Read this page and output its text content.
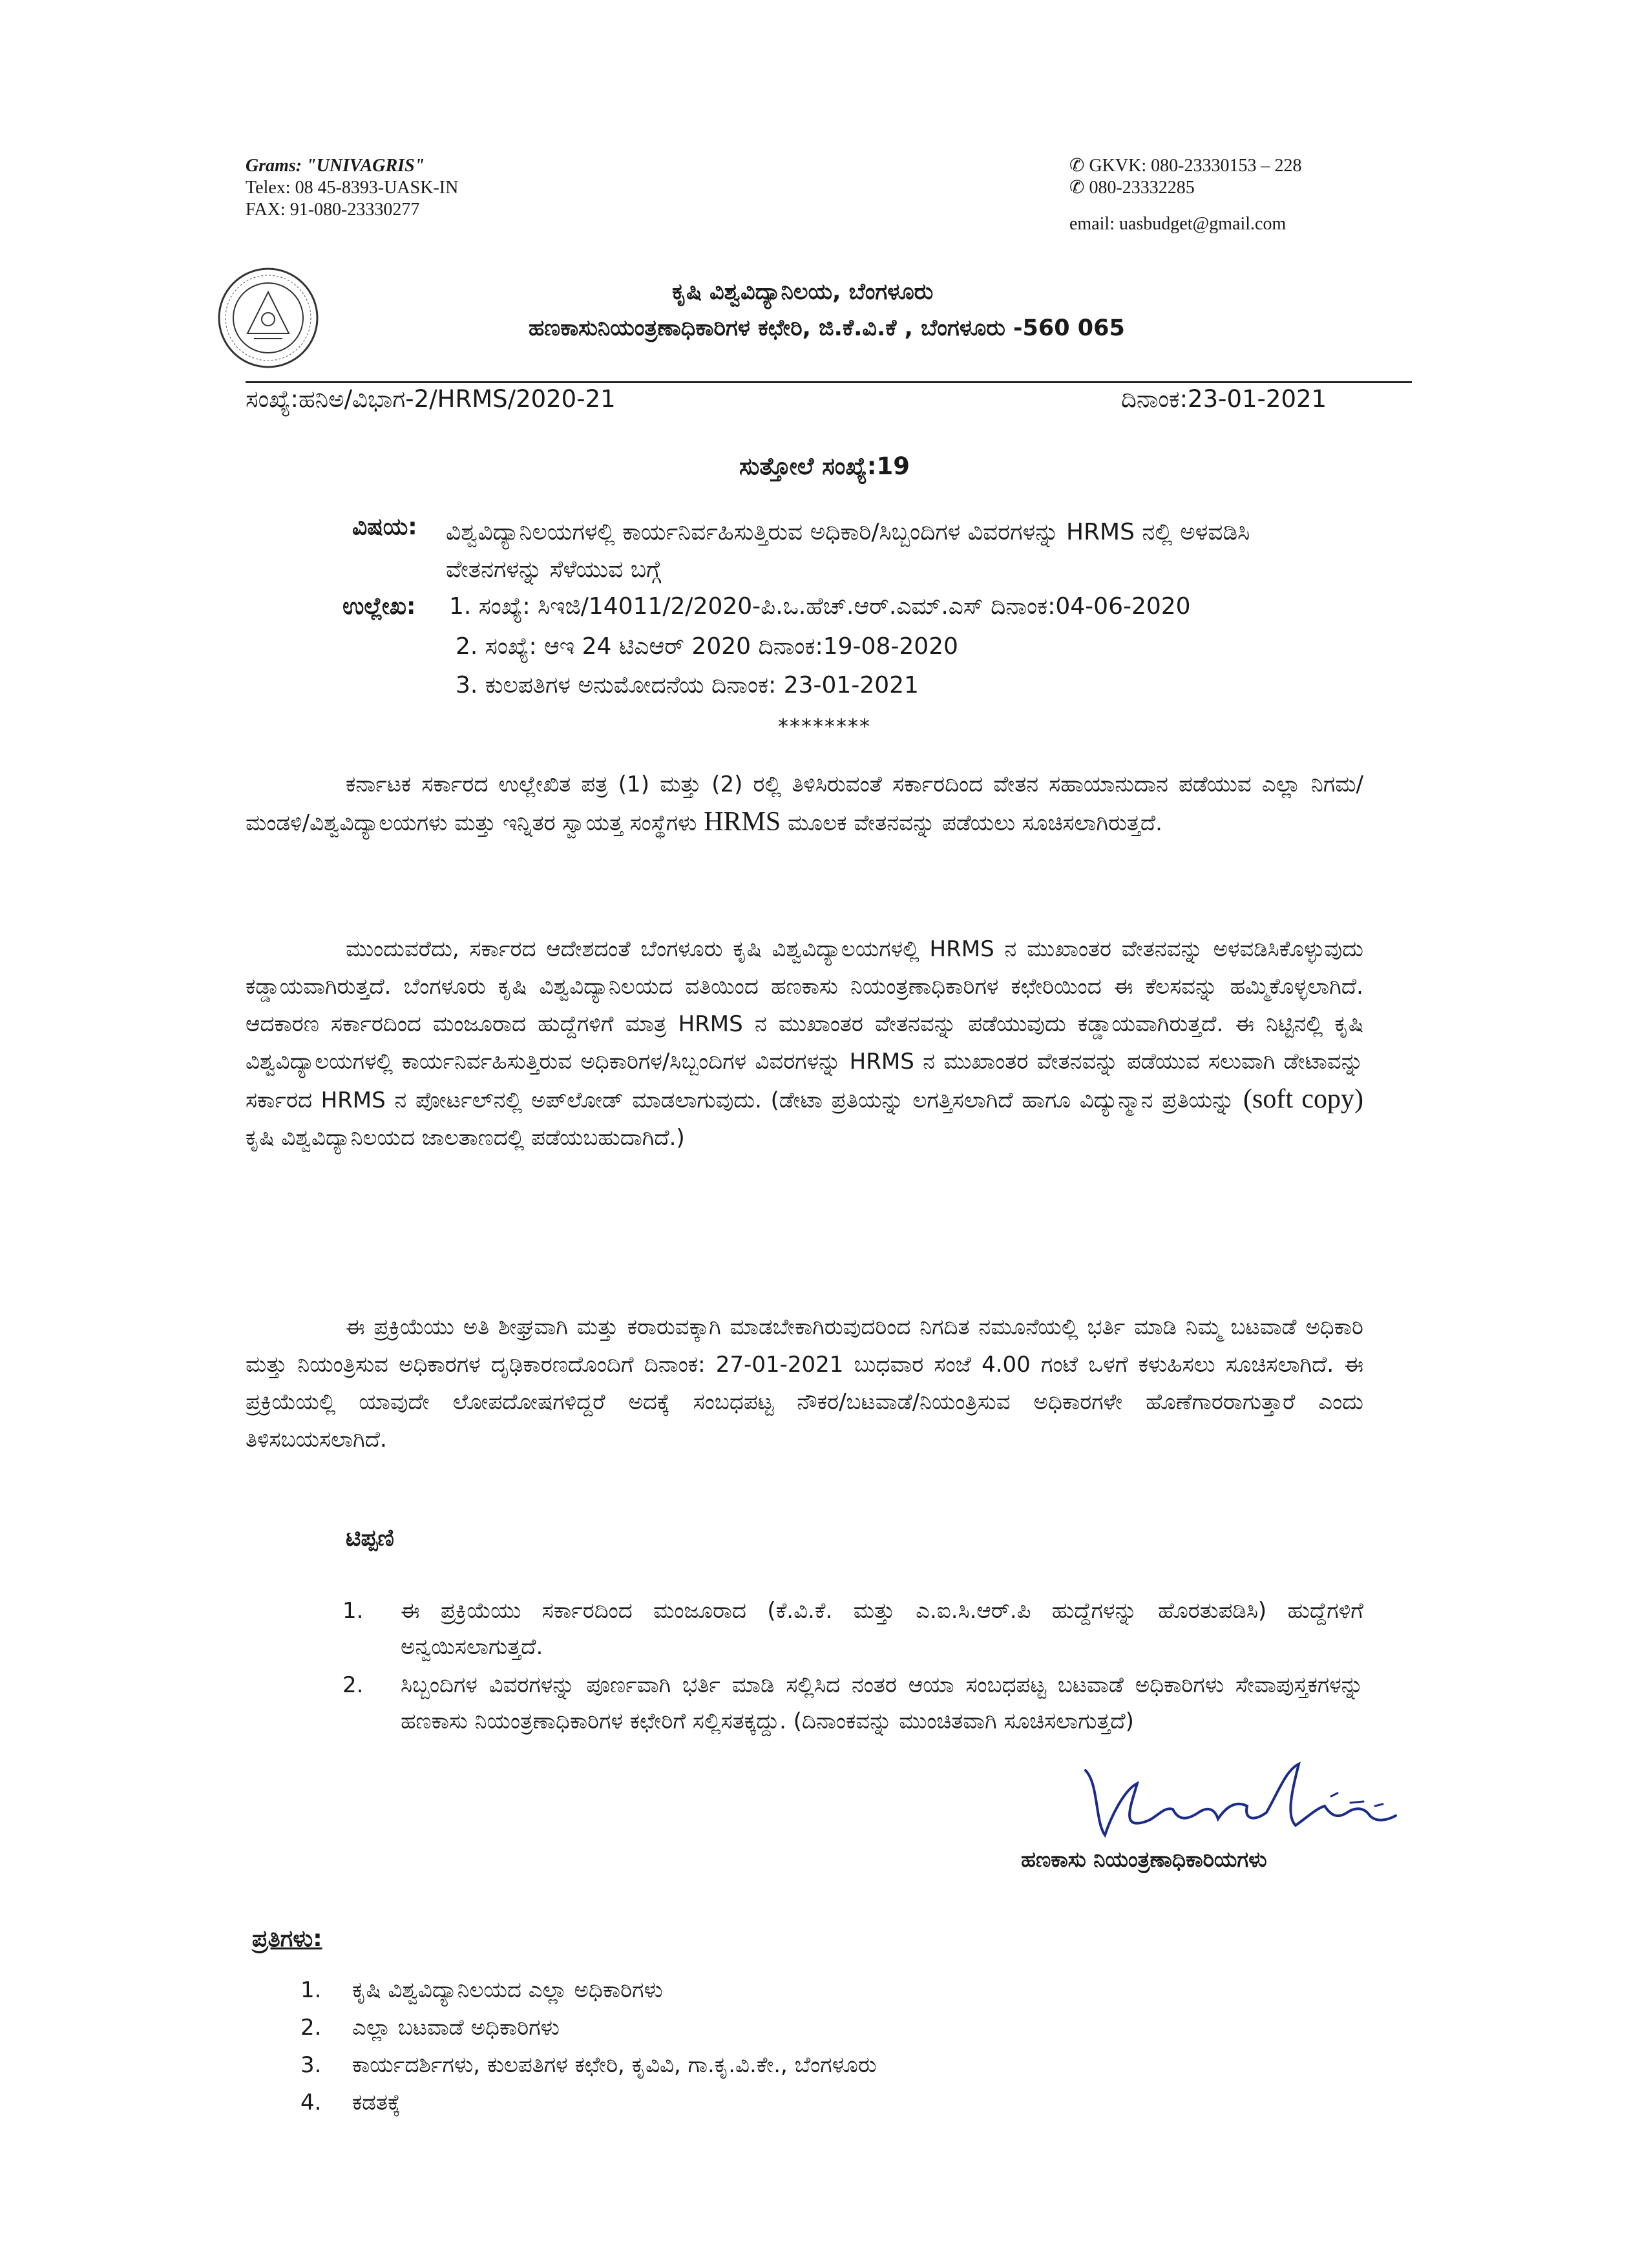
Grams: "UNIVAGRIS"
Telex: 08 45-8393-UASK-IN
FAX: 91-080-23330277
✆ GKVK: 080-23330153 – 228
✆ 080-23332285
email: uasbudget@gmail.com
ಕೃಷಿ ವಿಶ್ವವಿದ್ಯಾನಿಲಯ, ಬೆಂಗಳೂರು
ಹಣಕಾಸುನಿಯಂತ್ರಣಾಧಿಕಾರಿಗಳ ಕಛೇರಿ, ಜಿ.ಕೆ.ವಿ.ಕೆ , ಬೆಂಗಳೂರು -560 065
ಸಂಖ್ಯೆ:ಹನಿಅ/ವಿಭಾಗ-2/HRMS/2020-21	ದಿನಾಂಕ:23-01-2021
ಸುತ್ತೋಲೆ ಸಂಖ್ಯೆ:19
ವಿಷಯ: ವಿಶ್ವವಿದ್ಯಾನಿಲಯಗಳಲ್ಲಿ ಕಾರ್ಯನಿರ್ವಹಿಸುತ್ತಿರುವ ಅಧಿಕಾರಿ/ಸಿಬ್ಬಂದಿಗಳ ವಿವರಗಳನ್ನು HRMS ನಲ್ಲಿ ಅಳವಡಿಸಿ ವೇತನಗಳನ್ನು ಸೆಳೆಯುವ ಬಗ್ಗೆ
ಉಲ್ಲೇಖ: 1. ಸಂಖ್ಯೆ: ಸಿಇಜಿ/14011/2/2020-ಪಿ.ಒ.ಹೆಚ್.ಆರ್.ಎಮ್.ಎಸ್ ದಿನಾಂಕ:04-06-2020
2. ಸಂಖ್ಯೆ: ಆಇ 24 ಟಿಎಆರ್ 2020 ದಿನಾಂಕ:19-08-2020
3. ಕುಲಪತಿಗಳ ಅನುಮೋದನೆಯ ದಿನಾಂಕ: 23-01-2021
********
ಕರ್ನಾಟಕ ಸರ್ಕಾರದ ಉಲ್ಲೇಖಿತ ಪತ್ರ (1) ಮತ್ತು (2) ರಲ್ಲಿ ತಿಳಿಸಿರುವಂತೆ ಸರ್ಕಾರದಿಂದ ವೇತನ ಸಹಾಯಾನುದಾನ ಪಡೆಯುವ ಎಲ್ಲಾ ನಿಗಮ/ಮಂಡಳಿ/ವಿಶ್ವವಿದ್ಯಾಲಯಗಳು ಮತ್ತು ಇನ್ನಿತರ ಸ್ವಾಯತ್ತ ಸಂಸ್ಥೆಗಳು HRMS ಮೂಲಕ ವೇತನವನ್ನು ಪಡೆಯಲು ಸೂಚಿಸಲಾಗಿರುತ್ತದೆ.
ಮುಂದುವರೆದು, ಸರ್ಕಾರದ ಆದೇಶದಂತೆ ಬೆಂಗಳೂರು ಕೃಷಿ ವಿಶ್ವವಿದ್ಯಾಲಯಗಳಲ್ಲಿ HRMS ನ ಮುಖಾಂತರ ವೇತನವನ್ನು ಅಳವಡಿಸಿಕೊಳ್ಳುವುದು ಕಡ್ಡಾಯವಾಗಿರುತ್ತದೆ. ಬೆಂಗಳೂರು ಕೃಷಿ ವಿಶ್ವವಿದ್ಯಾನಿಲಯದ ವತಿಯಿಂದ ಹಣಕಾಸು ನಿಯಂತ್ರಣಾಧಿಕಾರಿಗಳ ಕಛೇರಿಯಿಂದ ಈ ಕೆಲಸವನ್ನು ಹಮ್ಮಿಕೊಳ್ಳಲಾಗಿದೆ. ಆದಕಾರಣ ಸರ್ಕಾರದಿಂದ ಮಂಜೂರಾದ ಹುದ್ದೆಗಳಿಗೆ ಮಾತ್ರ HRMS ನ ಮುಖಾಂತರ ವೇತನವನ್ನು ಪಡೆಯುವುದು ಕಡ್ಡಾಯವಾಗಿರುತ್ತದೆ. ಈ ನಿಟ್ಟಿನಲ್ಲಿ ಕೃಷಿ ವಿಶ್ವವಿದ್ಯಾಲಯಗಳಲ್ಲಿ ಕಾರ್ಯನಿರ್ವಹಿಸುತ್ತಿರುವ ಅಧಿಕಾರಿಗಳ/ಸಿಬ್ಬಂದಿಗಳ ವಿವರಗಳನ್ನು HRMS ನ ಮುಖಾಂತರ ವೇತನವನ್ನು ಪಡೆಯುವ ಸಲುವಾಗಿ ಡೇಟಾವನ್ನು ಸರ್ಕಾರದ HRMS ನ ಪೋರ್ಟಲ್‌ನಲ್ಲಿ ಅಪ್‌ಲೋಡ್ ಮಾಡಲಾಗುವುದು. (ಡೇಟಾ ಪ್ರತಿಯನ್ನು ಲಗತ್ತಿಸಲಾಗಿದೆ ಹಾಗೂ ವಿದ್ಯುನ್ಮಾನ ಪ್ರತಿಯನ್ನು (soft copy) ಕೃಷಿ ವಿಶ್ವವಿದ್ಯಾನಿಲಯದ ಜಾಲತಾಣದಲ್ಲಿ ಪಡೆಯಬಹುದಾಗಿದೆ.)
ಈ ಪ್ರಕ್ರಿಯೆಯು ಅತಿ ಶೀಘ್ರವಾಗಿ ಮತ್ತು ಕರಾರುವಕ್ಕಾಗಿ ಮಾಡಬೇಕಾಗಿರುವುದರಿಂದ ನಿಗದಿತ ನಮೂನೆಯಲ್ಲಿ ಭರ್ತಿ ಮಾಡಿ ನಿಮ್ಮ ಬಟವಾಡೆ ಅಧಿಕಾರಿ ಮತ್ತು ನಿಯಂತ್ರಿಸುವ ಅಧಿಕಾರಗಳ ದೃಢಿಕಾರಣದೊಂದಿಗೆ ದಿನಾಂಕ: 27-01-2021 ಬುಧವಾರ ಸಂಜೆ 4.00 ಗಂಟೆ ಒಳಗೆ ಕಳುಹಿಸಲು ಸೂಚಿಸಲಾಗಿದೆ. ಈ ಪ್ರಕ್ರಿಯೆಯಲ್ಲಿ ಯಾವುದೇ ಲೋಪದೋಷಗಳಿದ್ದರೆ ಅದಕ್ಕೆ ಸಂಬಧಪಟ್ಟ ನೌಕರ/ಬಟವಾಡೆ/ನಿಯಂತ್ರಿಸುವ ಅಧಿಕಾರಗಳೇ ಹೊಣೆಗಾರರಾಗುತ್ತಾರೆ ಎಂದು ತಿಳಿಸಬಯಸಲಾಗಿದೆ.
ಟಿಪ್ಪಣಿ
1. ಈ ಪ್ರಕ್ರಿಯೆಯು ಸರ್ಕಾರದಿಂದ ಮಂಜೂರಾದ (ಕೆ.ವಿ.ಕೆ. ಮತ್ತು ಎ.ಐ.ಸಿ.ಆರ್.ಪಿ ಹುದ್ದೆಗಳನ್ನು ಹೊರತುಪಡಿಸಿ) ಹುದ್ದೆಗಳಿಗೆ ಅನ್ವಯಿಸಲಾಗುತ್ತದೆ.
2. ಸಿಬ್ಬಂದಿಗಳ ವಿವರಗಳನ್ನು ಪೂರ್ಣವಾಗಿ ಭರ್ತಿ ಮಾಡಿ ಸಲ್ಲಿಸಿದ ನಂತರ ಆಯಾ ಸಂಬಧಪಟ್ಟ ಬಟವಾಡೆ ಅಧಿಕಾರಿಗಳು ಸೇವಾಪುಸ್ತಕಗಳನ್ನು ಹಣಕಾಸು ನಿಯಂತ್ರಣಾಧಿಕಾರಿಗಳ ಕಛೇರಿಗೆ ಸಲ್ಲಿಸತಕ್ಕದ್ದು. (ದಿನಾಂಕವನ್ನು ಮುಂಚಿತವಾಗಿ ಸೂಚಿಸಲಾಗುತ್ತದೆ)
ಹಣಕಾಸು ನಿಯಂತ್ರಣಾಧಿಕಾರಿಯಗಳು
ಪ್ರತಿಗಳು:
1. ಕೃಷಿ ವಿಶ್ವವಿದ್ಯಾನಿಲಯದ ಎಲ್ಲಾ ಅಧಿಕಾರಿಗಳು
2. ಎಲ್ಲಾ ಬಟವಾಡೆ ಅಧಿಕಾರಿಗಳು
3. ಕಾರ್ಯದರ್ಶಿಗಳು, ಕುಲಪತಿಗಳ ಕಛೇರಿ, ಕೃವಿವಿ, ಗಾ.ಕೃ.ವಿ.ಕೇ., ಬೆಂಗಳೂರು
4. ಕಡತಕ್ಕೆ
